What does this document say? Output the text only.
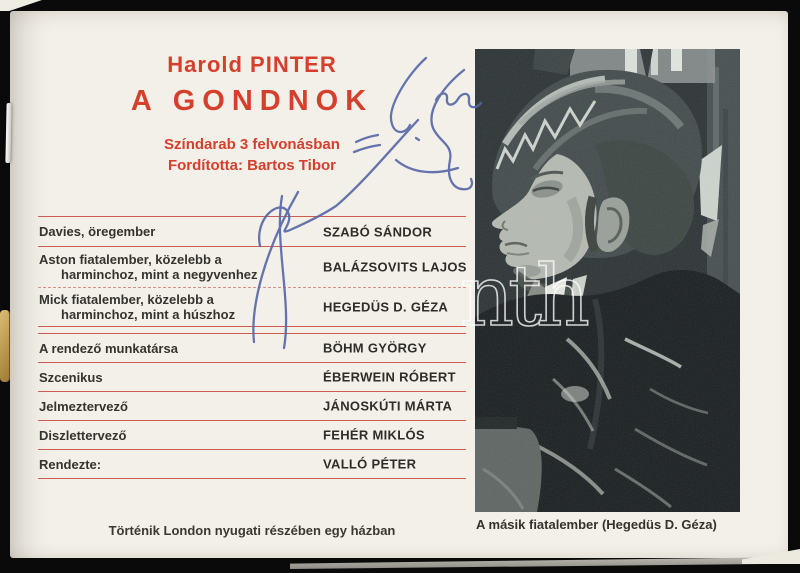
Harold PINTER
A GONDNOK
Színdarab 3 felvonásban
Fordította: Bartos Tibor
Davies, öregember	SZABÓ SÁNDOR
Aston fiatalember, közelebb a
harminchoz, mint a negyvenhez	BALÁZSOVITS LAJOS
Mick fiatalember, közelebb a
harminchoz, mint a húszhoz	HEGEDÜS D. GÉZA
A rendező munkatársa	BÖHM GYÖRGY
Szcenikus	ÉBERWEIN RÓBERT
Jelmeztervező	JÁNOSKÚTI MÁRTA
Diszlettervező	FEHÉR MIKLÓS
Rendezte:	VALLÓ PÉTER
Történik London nyugati részében egy házban	A másik fiatalember (Hegedüs D. Géza)
nth
